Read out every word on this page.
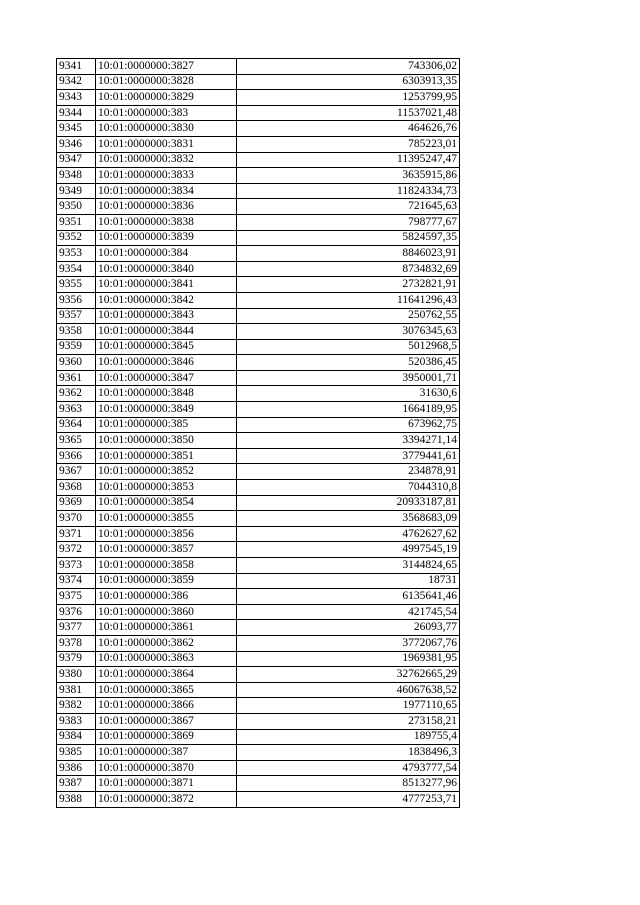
9341	10:01:0000000:3827	743306,02
9342	10:01:0000000:3828	6303913,35
9343	10:01:0000000:3829	1253799,95
9344	10:01:0000000:383	11537021,48
9345	10:01:0000000:3830	464626,76
9346	10:01:0000000:3831	785223,01
9347	10:01:0000000:3832	11395247,47
9348	10:01:0000000:3833	3635915,86
9349	10:01:0000000:3834	11824334,73
9350	10:01:0000000:3836	721645,63
9351	10:01:0000000:3838	798777,67
9352	10:01:0000000:3839	5824597,35
9353	10:01:0000000:384	8846023,91
9354	10:01:0000000:3840	8734832,69
9355	10:01:0000000:3841	2732821,91
9356	10:01:0000000:3842	11641296,43
9357	10:01:0000000:3843	250762,55
9358	10:01:0000000:3844	3076345,63
9359	10:01:0000000:3845	5012968,5
9360	10:01:0000000:3846	520386,45
9361	10:01:0000000:3847	3950001,71
9362	10:01:0000000:3848	31630,6
9363	10:01:0000000:3849	1664189,95
9364	10:01:0000000:385	673962,75
9365	10:01:0000000:3850	3394271,14
9366	10:01:0000000:3851	3779441,61
9367	10:01:0000000:3852	234878,91
9368	10:01:0000000:3853	7044310,8
9369	10:01:0000000:3854	20933187,81
9370	10:01:0000000:3855	3568683,09
9371	10:01:0000000:3856	4762627,62
9372	10:01:0000000:3857	4997545,19
9373	10:01:0000000:3858	3144824,65
9374	10:01:0000000:3859	18731
9375	10:01:0000000:386	6135641,46
9376	10:01:0000000:3860	421745,54
9377	10:01:0000000:3861	26093,77
9378	10:01:0000000:3862	3772067,76
9379	10:01:0000000:3863	1969381,95
9380	10:01:0000000:3864	32762665,29
9381	10:01:0000000:3865	46067638,52
9382	10:01:0000000:3866	1977110,65
9383	10:01:0000000:3867	273158,21
9384	10:01:0000000:3869	189755,4
9385	10:01:0000000:387	1838496,3
9386	10:01:0000000:3870	4793777,54
9387	10:01:0000000:3871	8513277,96
9388	10:01:0000000:3872	4777253,71
